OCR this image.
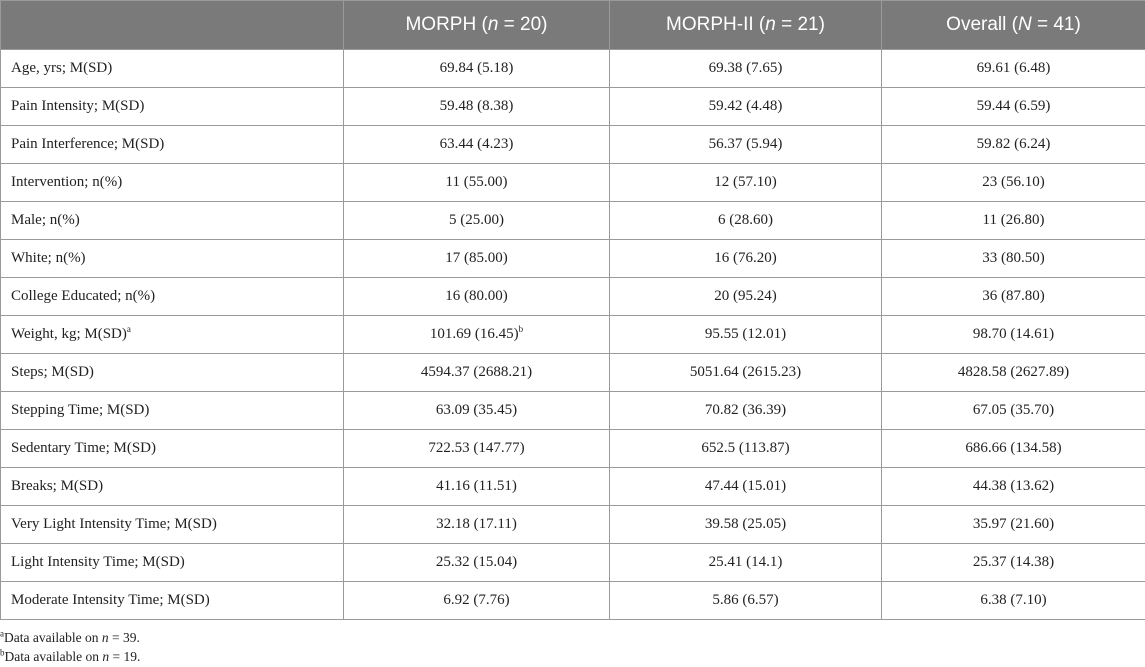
	MORPH (n = 20)	MORPH-II (n = 21)	Overall (N = 41)
Age, yrs; M(SD)	69.84 (5.18)	69.38 (7.65)	69.61 (6.48)
Pain Intensity; M(SD)	59.48 (8.38)	59.42 (4.48)	59.44 (6.59)
Pain Interference; M(SD)	63.44 (4.23)	56.37 (5.94)	59.82 (6.24)
Intervention; n(%)	11 (55.00)	12 (57.10)	23 (56.10)
Male; n(%)	5 (25.00)	6 (28.60)	11 (26.80)
White; n(%)	17 (85.00)	16 (76.20)	33 (80.50)
College Educated; n(%)	16 (80.00)	20 (95.24)	36 (87.80)
Weight, kg; M(SD)$^a$	101.69 $(16.45)^b$	95.55 (12.01)	98.70 (14.61)
Steps; M(SD)	4594.37 (2688.21)	5051.64 (2615.23)	4828.58 (2627.89)
Stepping Time; M(SD)	63.09 (35.45)	70.82 (36.39)	67.05 (35.70)
Sedentary Time; M(SD)	722.53 (147.77)	652.5 (113.87)	686.66 (134.58)
Breaks; M(SD)	41.16 (11.51)	47.44 (15.01)	44.38 (13.62)
Very Light Intensity Time; M(SD)	32.18 (17.11)	39.58 (25.05)	35.97 (21.60)
Light Intensity Time; M(SD)	25.32 (15.04)	25.41 (14.1)	25.37 (14.38)
Moderate Intensity Time; M(SD)	6.92 (7.76)	5.86 (6.57)	6.38 (7.10)
$^a$Data available on n = 39.
$^b$Data available on n = 19.
